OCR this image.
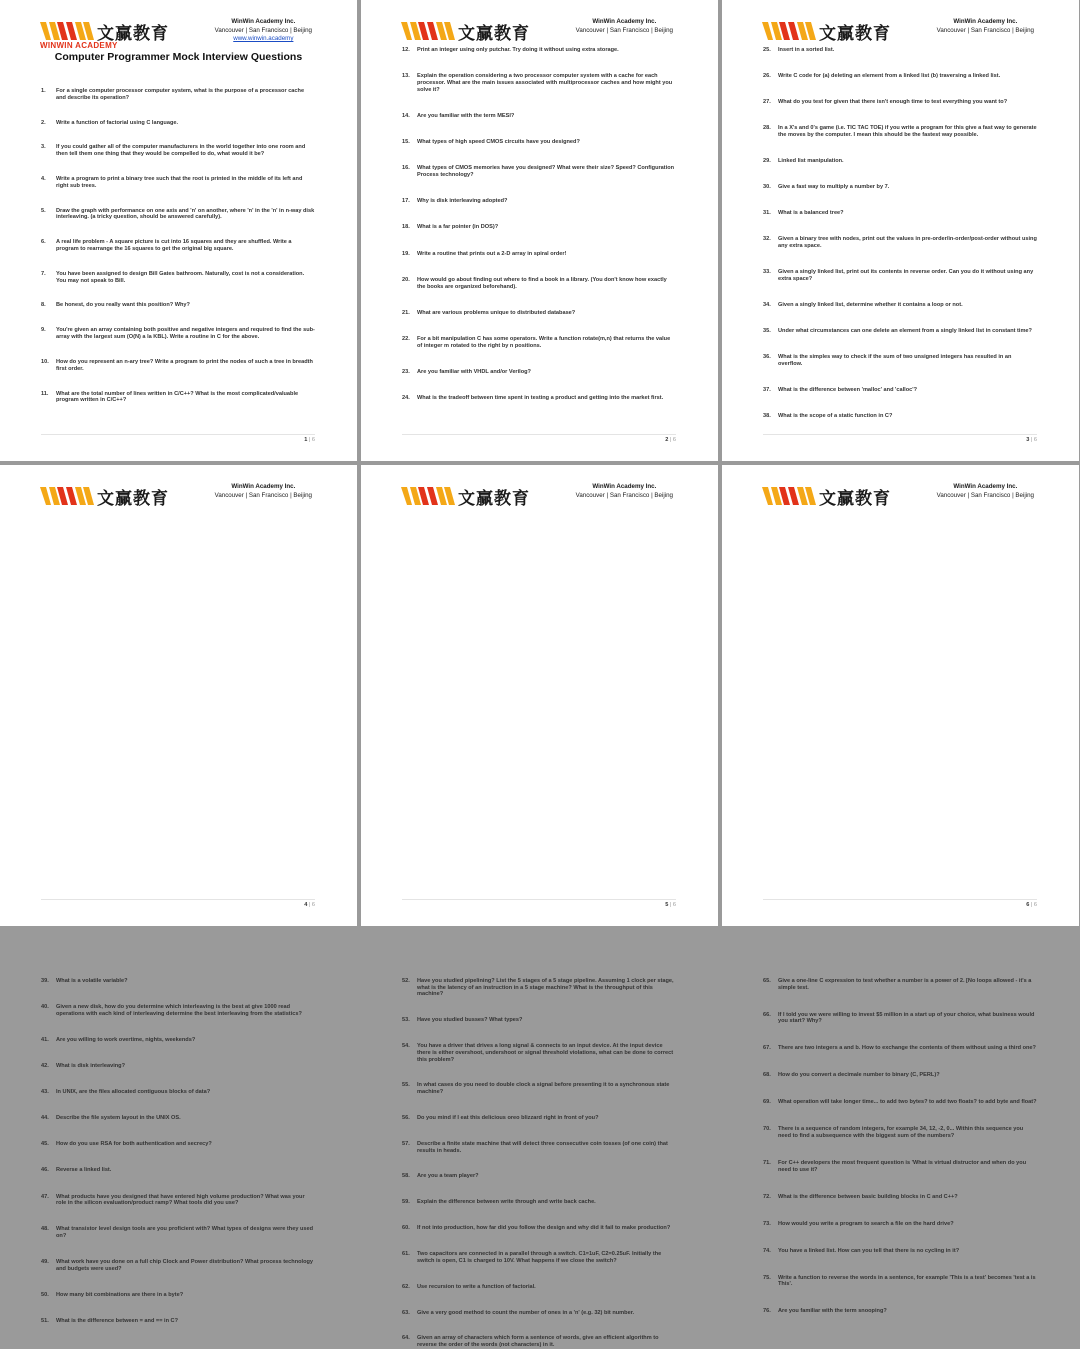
文赢教育
WINWIN ACADEMY
WinWin Academy Inc.
Vancouver | San Francisco | Beijing
www.winwin.academy
Computer Programmer Mock Interview Questions
1.	For a single computer processor computer system, what is the purpose of a processor cache and describe its operation?
2.	Write a function of factorial using C language.
3.	If you could gather all of the computer manufacturers in the world together into one room and then tell them one thing that they would be compelled to do, what would it be?
4.	Write a program to print a binary tree such that the root is printed in the middle of its left and right sub trees.
5.	Draw the graph with performance on one axis and 'n' on another, where 'n' in the 'n' in n-way disk interleaving. (a tricky question, should be answered carefully).
6.	A real life problem - A square picture is cut into 16 squares and they are shuffled. Write a program to rearrange the 16 squares to get the original big square.
7.	You have been assigned to design Bill Gates bathroom. Naturally, cost is not a consideration. You may not speak to Bill.
8.	Be honest, do you really want this position? Why?
9.	You're given an array containing both positive and negative integers and required to find the sub-array with the largest sum (O(N) a la KBL). Write a routine in C for the above.
10.	How do you represent an n-ary tree? Write a program to print the nodes of such a tree in breadth first order.
11.	What are the total number of lines written in C/C++? What is the most complicated/valuable program written in C/C++?
1 | 6
文赢教育
WinWin Academy Inc.
Vancouver | San Francisco | Beijing
12.	Print an integer using only putchar. Try doing it without using extra storage.
13.	Explain the operation considering a two processor computer system with a cache for each processor. What are the main issues associated with multiprocessor caches and how might you solve it?
14.	Are you familiar with the term MESI?
15.	What types of high speed CMOS circuits have you designed?
16.	What types of CMOS memories have you designed? What were their size? Speed? Configuration Process technology?
17.	Why is disk interleaving adopted?
18.	What is a far pointer (in DOS)?
19.	Write a routine that prints out a 2-D array in spiral order!
20.	How would go about finding out where to find a book in a library. (You don't know how exactly the books are organized beforehand).
21.	What are various problems unique to distributed database?
22.	For a bit manipulation C has some operators. Write a function rotate(m,n) that returns the value of integer m rotated to the right by n positions.
23.	Are you familiar with VHDL and/or Verilog?
24.	What is the tradeoff between time spent in testing a product and getting into the market first.
2 | 6
文赢教育
WinWin Academy Inc.
Vancouver | San Francisco | Beijing
25.	Insert in a sorted list.
26.	Write C code for (a) deleting an element from a linked list (b) traversing a linked list.
27.	What do you test for given that there isn't enough time to test everything you want to?
28.	In a X's and 0's game (i.e. TIC TAC TOE) if you write a program for this give a fast way to generate the moves by the computer. I mean this should be the fastest way possible.
29.	Linked list manipulation.
30.	Give a fast way to multiply a number by 7.
31.	What is a balanced tree?
32.	Given a binary tree with nodes, print out the values in pre-order/in-order/post-order without using any extra space.
33.	Given a singly linked list, print out its contents in reverse order. Can you do it without using any extra space?
34.	Given a singly linked list, determine whether it contains a loop or not.
35.	Under what circumstances can one delete an element from a singly linked list in constant time?
36.	What is the simples way to check if the sum of two unsigned integers has resulted in an overflow.
37.	What is the difference between 'malloc' and 'calloc'?
38.	What is the scope of a static function in C?
3 | 6
文赢教育
WinWin Academy Inc.
Vancouver | San Francisco | Beijing
39.	What is a volatile variable?
40.	Given a new disk, how do you determine which interleaving is the best at give 1000 read operations with each kind of interleaving determine the best interleaving from the statistics?
41.	Are you willing to work overtime, nights, weekends?
42.	What is disk interleaving?
43.	In UNIX, are the files allocated contiguous blocks of data?
44.	Describe the file system layout in the UNIX OS.
45.	How do you use RSA for both authentication and secrecy?
46.	Reverse a linked list.
47.	What products have you designed that have entered high volume production? What was your role in the silicon evaluation/product ramp? What tools did you use?
48.	What transistor level design tools are you proficient with? What types of designs were they used on?
49.	What work have you done on a full chip Clock and Power distribution? What process technology and budgets were used?
50.	How many bit combinations are there in a byte?
51.	What is the difference between = and == in C?
4 | 6
文赢教育
WinWin Academy Inc.
Vancouver | San Francisco | Beijing
52.	Have you studied pipelining? List the 5 stages of a 5 stage pipeline. Assuming 1 clock per stage, what is the latency of an instruction in a 5 stage machine? What is the throughput of this machine?
53.	Have you studied busses? What types?
54.	You have a driver that drives a long signal & connects to an input device. At the input device there is either overshoot, undershoot or signal threshold violations, what can be done to correct this problem?
55.	In what cases do you need to double clock a signal before presenting it to a synchronous state machine?
56.	Do you mind if I eat this delicious oreo blizzard right in front of you?
57.	Describe a finite state machine that will detect three consecutive coin tosses (of one coin) that results in heads.
58.	Are you a team player?
59.	Explain the difference between write through and write back cache.
60.	If not into production, how far did you follow the design and why did it fail to make production?
61.	Two capacitors are connected in a parallel through a switch. C1=1uF, C2=0.25uF. Initially the switch is open, C1 is charged to 10V. What happens if we close the switch?
62.	Use recursion to write a function of factorial.
63.	Give a very good method to count the number of ones in a 'n' (e.g. 32) bit number.
64.	Given an array of characters which form a sentence of words, give an efficient algorithm to reverse the order of the words (not characters) in it.
5 | 6
文赢教育
WinWin Academy Inc.
Vancouver | San Francisco | Beijing
65.	Give a one-line C expression to test whether a number is a power of 2. [No loops allowed - it's a simple test.
66.	If I told you we were willing to invest $5 million in a start up of your choice, what business would you start? Why?
67.	There are two integers a and b. How to exchange the contents of them without using a third one?
68.	How do you convert a decimale number to binary (C, PERL)?
69.	What operation will take longer time... to add two bytes? to add two floats? to add byte and float?
70.	There is a sequence of random integers, for example 34, 12, -2, 0... Within this sequence you need to find a subsequence with the biggest sum of the numbers?
71.	For C++ developers the most frequent question is 'What is virtual distructor and when do you need to use it?
72.	What is the difference between basic building blocks in C and C++?
73.	How would you write a program to search a file on the hard drive?
74.	You have a linked list. How can you tell that there is no cycling in it?
75.	Write a function to reverse the words in a sentence, for example 'This is a test' becomes 'test a is This'.
76.	Are you familiar with the term snooping?
6 | 6
